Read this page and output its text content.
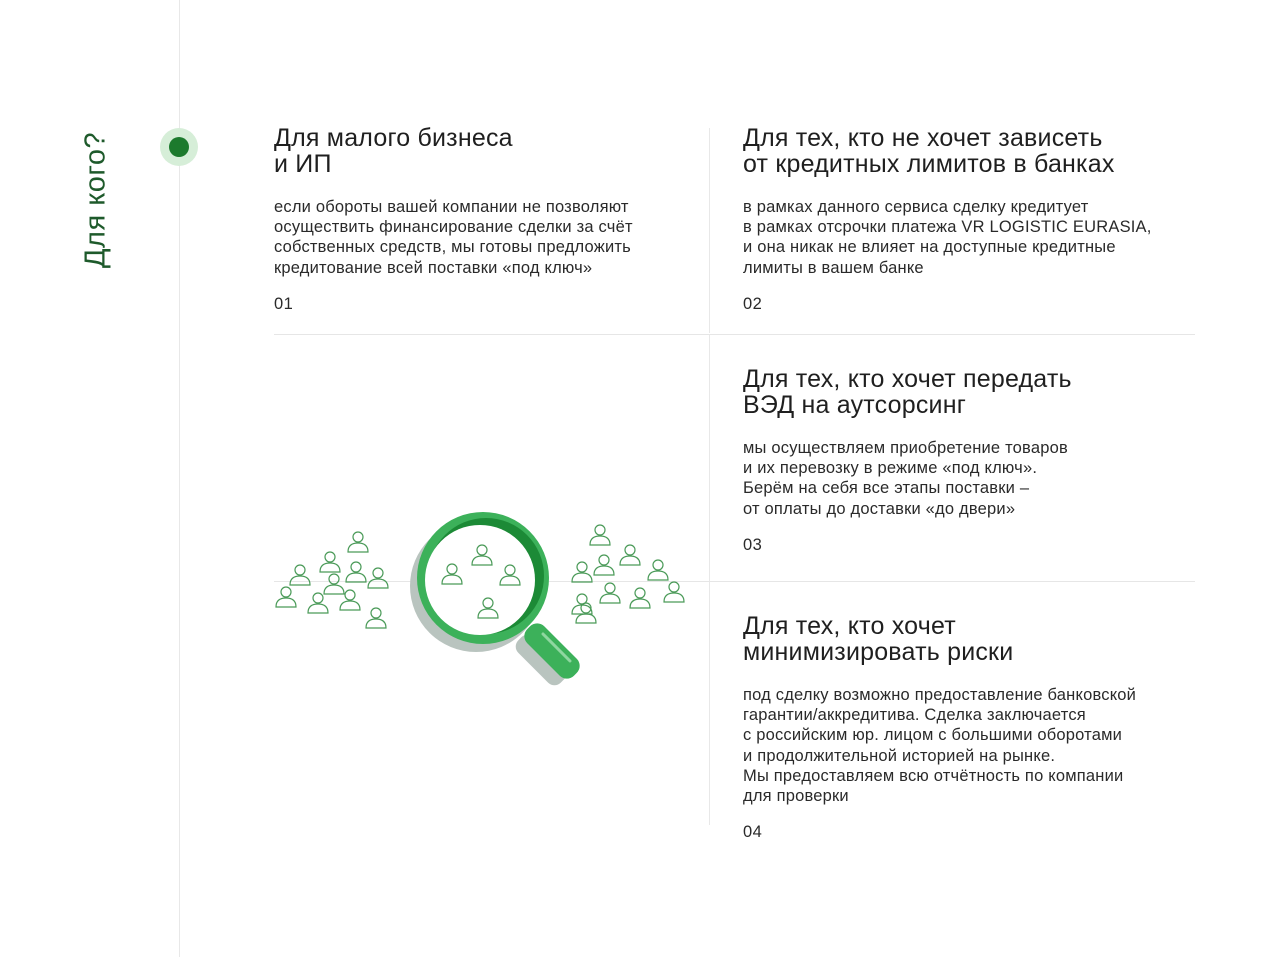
Для кого?	Для малого бизнеса
и ИП

если обороты вашей компании не позволяют
осуществить финансирование сделки за счёт
собственных средств, мы готовы предложить
кредитование всей поставки «под ключ»

01
Для тех, кто не хочет зависеть
от кредитных лимитов в банках

в рамках данного сервиса сделку кредитует
в рамках отсрочки платежа VR LOGISTIC EURASIA,
и она никак не влияет на доступные кредитные
лимиты в вашем банке

02
Для тех, кто хочет передать
ВЭД на аутсорсинг

мы осуществляем приобретение товаров
и их перевозку в режиме «под ключ».
Берём на себя все этапы поставки –
от оплаты до доставки «до двери»

03
Для тех, кто хочет
минимизировать риски

под сделку возможно предоставление банковской
гарантии/аккредитива. Сделка заключается
с российским юр. лицом с большими оборотами
и продолжительной историей на рынке.
Мы предоставляем всю отчётность по компании
для проверки

04
